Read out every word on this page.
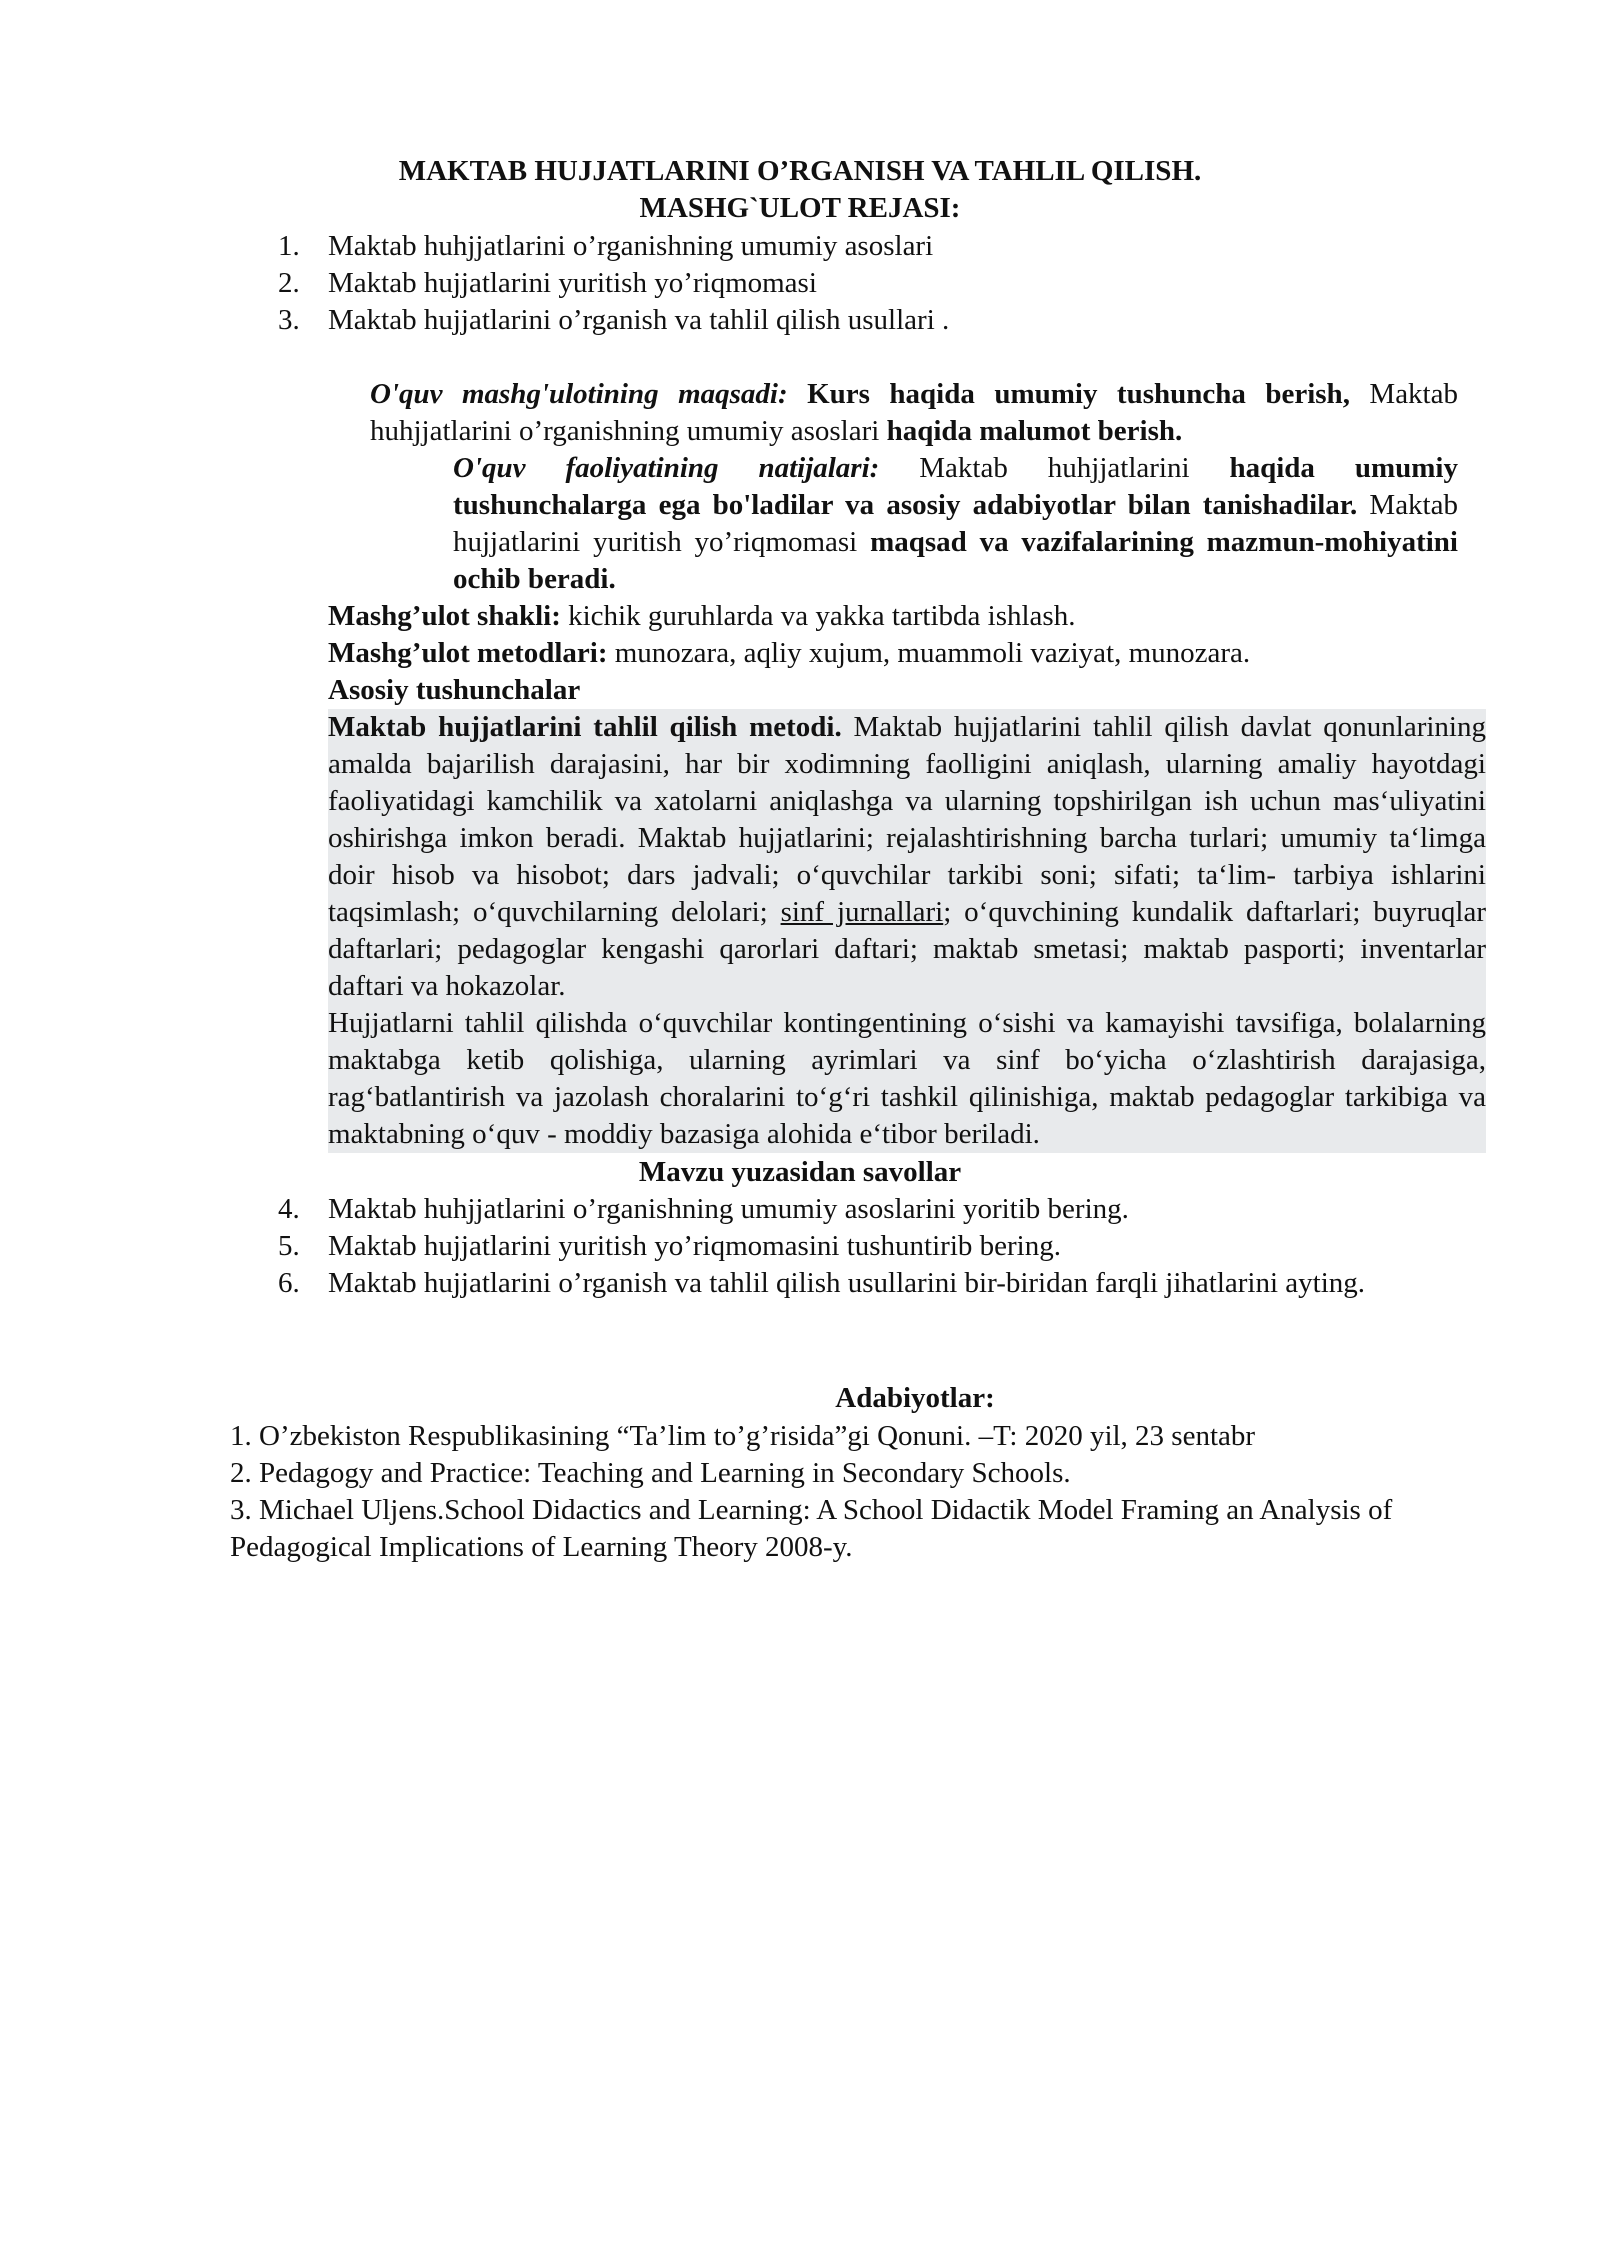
MAKTAB HUJJATLARINI O’RGANISH VA TAHLIL QILISH.
MASHG`ULOT REJASI:
1. Maktab huhjjatlarini o’rganishning umumiy asoslari
2. Maktab hujjatlarini yuritish yo’riqmomasi
3. Maktab hujjatlarini o’rganish va tahlil qilish usullari .

O'quv mashg'ulotining maqsadi: Kurs haqida umumiy tushuncha berish, Maktab huhjjatlarini o’rganishning umumiy asoslari haqida malumot berish.

O'quv faoliyatining natijalari: Maktab huhjjatlarini haqida umumiy tushunchalarga ega bo'ladilar va asosiy adabiyotlar bilan tanishadilar. Maktab hujjatlarini yuritish yo’riqmomasi maqsad va vazifalarining mazmun-mohiyatini ochib beradi.

Mashg’ulot shakli: kichik guruhlarda va yakka tartibda ishlash.

Mashg’ulot metodlari: munozara, aqliy xujum, muammoli vaziyat, munozara.

Asosiy tushunchalar

Maktab hujjatlarini tahlil qilish metodi. Maktab hujjatlarini tahlil qilish davlat qonunlarining amalda bajarilish darajasini, har bir xodimning faolligini aniqlash, ularning amaliy hayotdagi faoliyatidagi kamchilik va xatolarni aniqlashga va ularning topshirilgan ish uchun mas‘uliyatini oshirishga imkon beradi. Maktab hujjatlarini; rejalashtirishning barcha turlari; umumiy ta‘limga doir hisob va hisobot; dars jadvali; o‘quvchilar tarkibi soni; sifati; ta‘lim- tarbiya ishlarini taqsimlash; o‘quvchilarning delolari; sinf jurnallari; o‘quvchining kundalik daftarlari; buyruqlar daftarlari; pedagoglar kengashi qarorlari daftari; maktab smetasi; maktab pasporti; inventarlar daftari va hokazolar.

Hujjatlarni tahlil qilishda o‘quvchilar kontingentining o‘sishi va kamayishi tavsifiga, bolalarning maktabga ketib qolishiga, ularning ayrimlari va sinf bo‘yicha o‘zlashtirish darajasiga, rag‘batlantirish va jazolash choralarini to‘g‘ri tashkil qilinishiga, maktab pedagoglar tarkibiga va maktabning o‘quv - moddiy bazasiga alohida e‘tibor beriladi.

Mavzu yuzasidan savollar
4. Maktab huhjjatlarini o’rganishning umumiy asoslarini yoritib bering.
5. Maktab hujjatlarini yuritish yo’riqmomasini tushuntirib bering.
6. Maktab hujjatlarini o’rganish va tahlil qilish usullarini bir-biridan farqli jihatlarini ayting.
Adabiyotlar:
1. O’zbekiston Respublikasining “Ta’lim to’g’risida”gi Qonuni. –T: 2020 yil, 23 sentabr
2. Pedagogy and Practice: Teaching and Learning in Secondary Schools.
3. Michael Uljens.School Didactics and Learning: A School Didactik Model Framing an Analysis of Pedagogical Implications of Learning Theory 2008-y.
